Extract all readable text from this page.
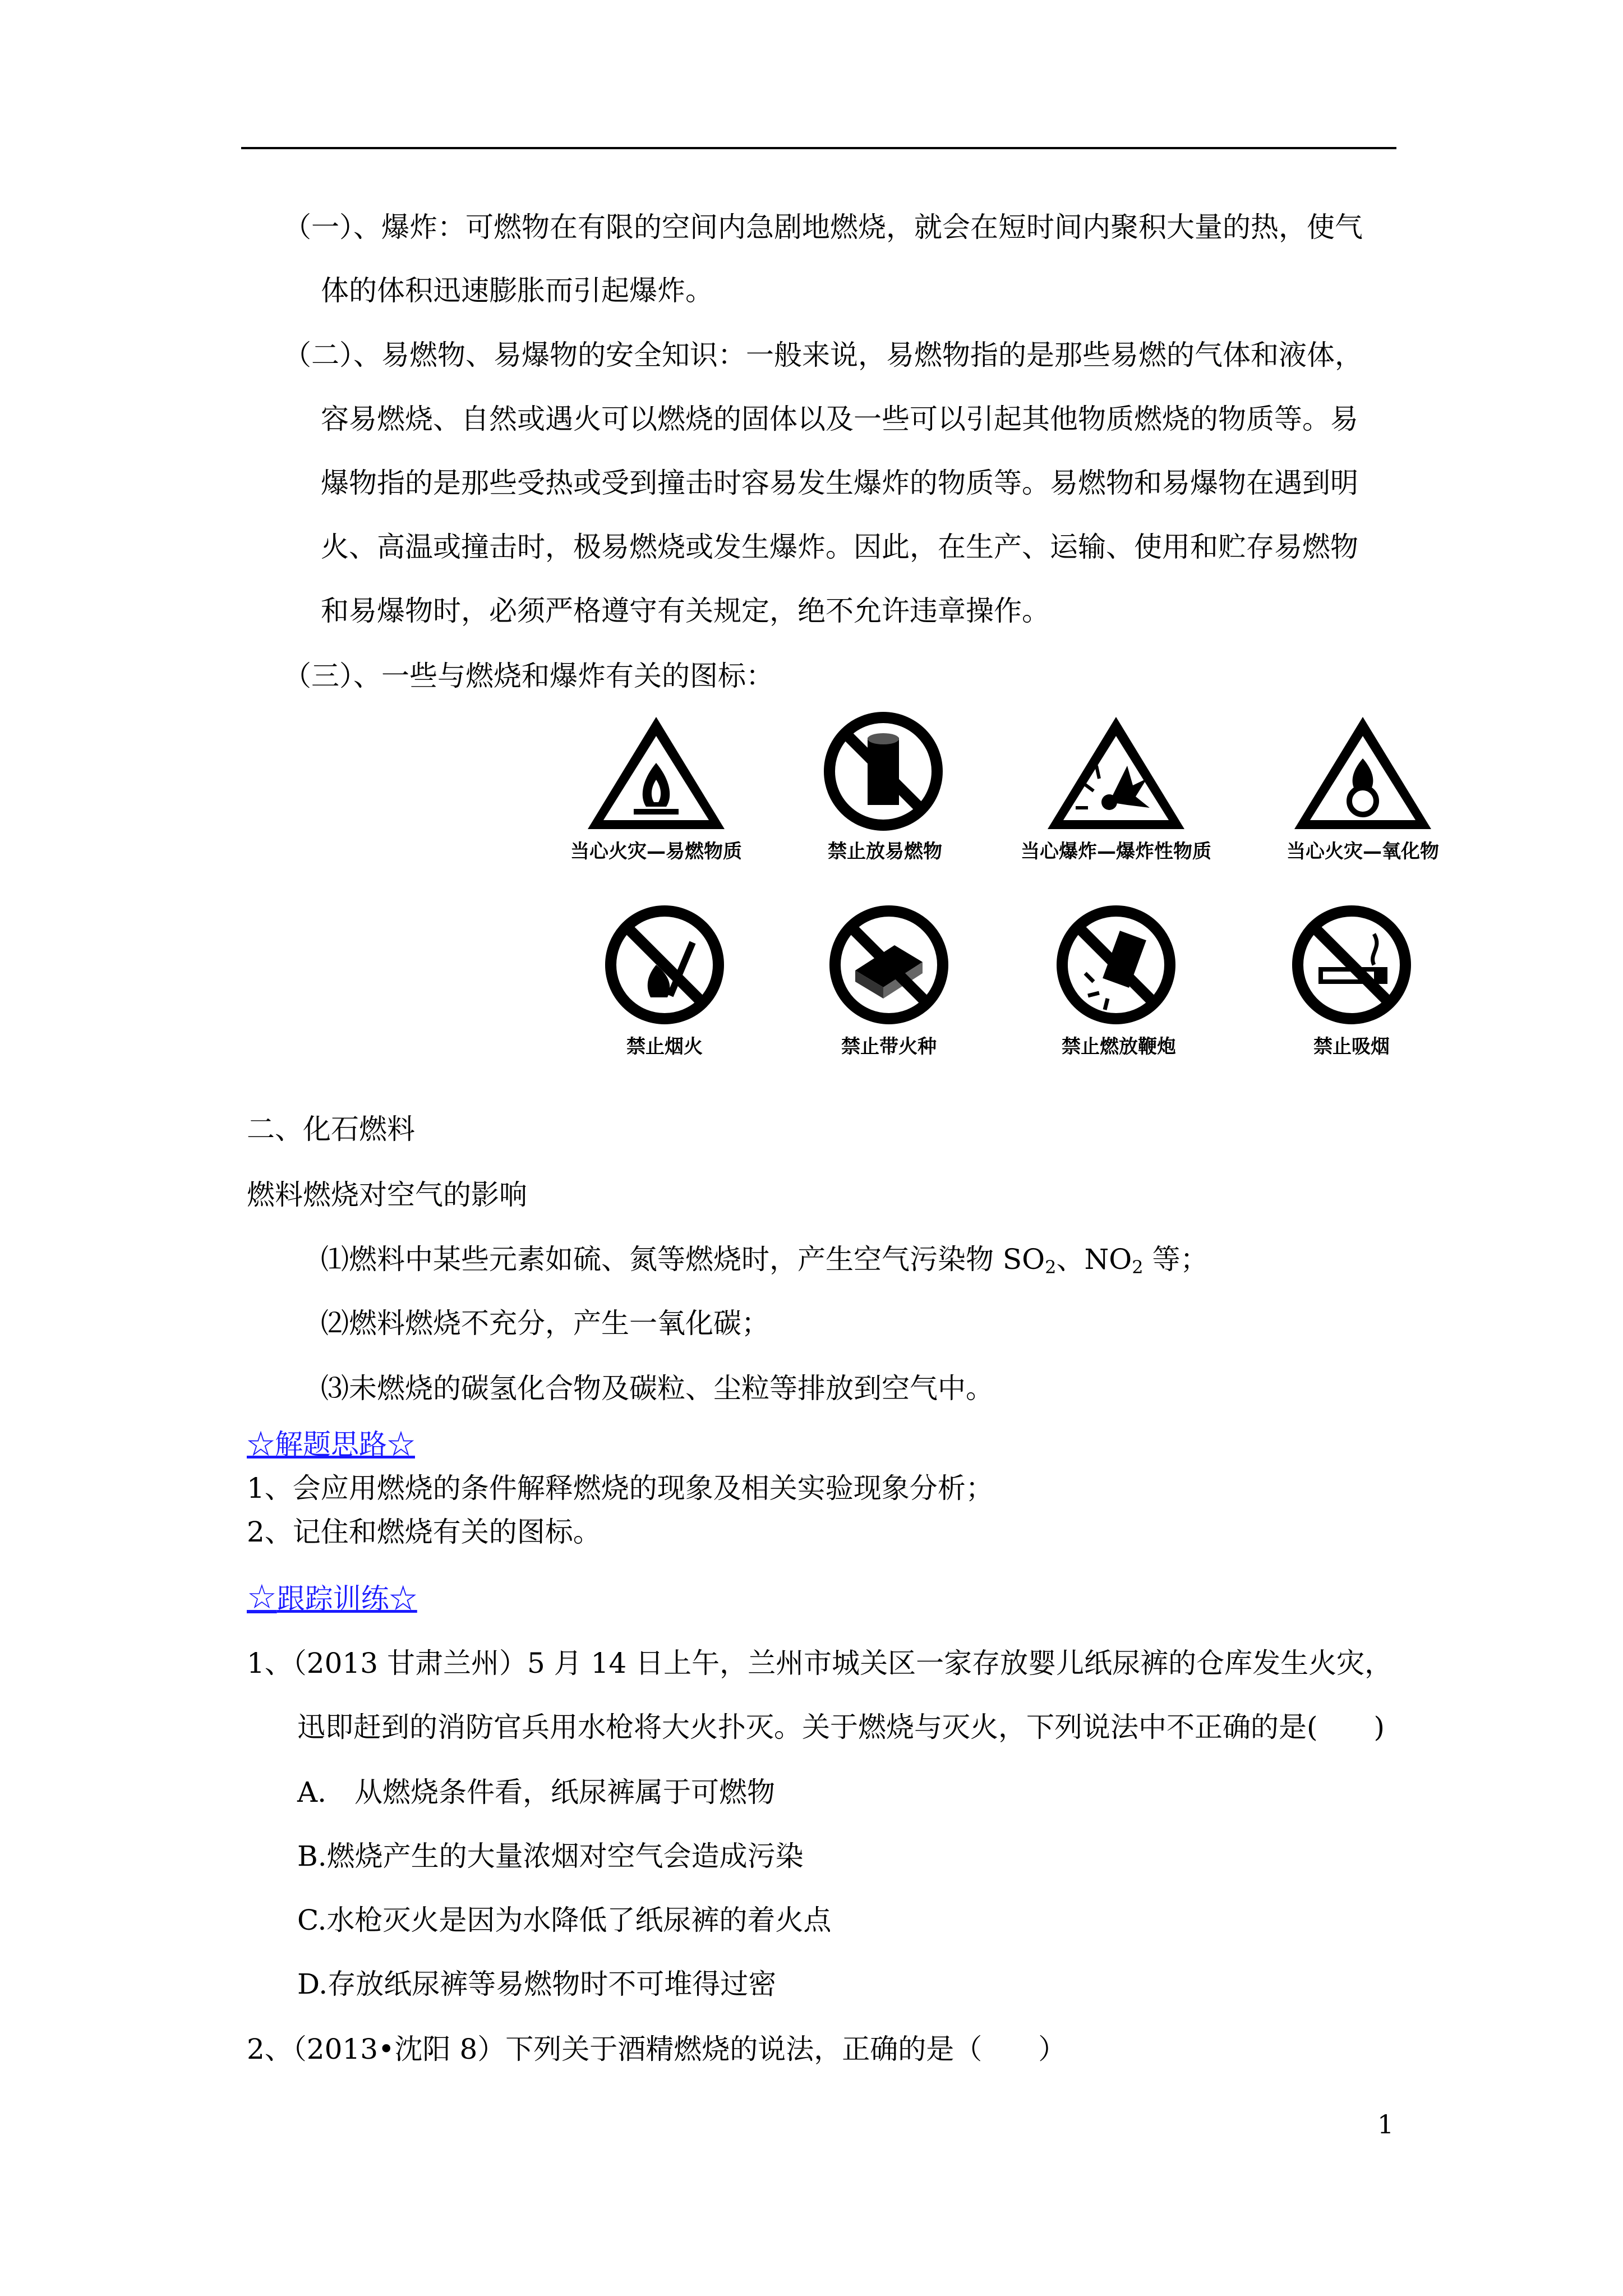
（一）、爆炸：可燃物在有限的空间内急剧地燃烧，就会在短时间内聚积大量的热，使气
体的体积迅速膨胀而引起爆炸。
（二）、易燃物、易爆物的安全知识：一般来说，易燃物指的是那些易燃的气体和液体，
容易燃烧、自然或遇火可以燃烧的固体以及一些可以引起其他物质燃烧的物质等。易
爆物指的是那些受热或受到撞击时容易发生爆炸的物质等。易燃物和易爆物在遇到明
火、高温或撞击时，极易燃烧或发生爆炸。因此，在生产、运输、使用和贮存易燃物
和易爆物时，必须严格遵守有关规定，绝不允许违章操作。
（三）、一些与燃烧和爆炸有关的图标：
当心火灾—易燃物质	禁止放易燃物	当心爆炸—爆炸性物质	当心火灾—氧化物
禁止烟火	禁止带火种	禁止燃放鞭炮	禁止吸烟
二、化石燃料
燃料燃烧对空气的影响
⑴燃料中某些元素如硫、氮等燃烧时，产生空气污染物 $SO_2$、$NO_2$ 等；
⑵燃料燃烧不充分，产生一氧化碳；
⑶未燃烧的碳氢化合物及碳粒、尘粒等排放到空气中。
☆解题思路☆
1、会应用燃烧的条件解释燃烧的现象及相关实验现象分析；
2、记住和燃烧有关的图标。
☆跟踪训练☆
1、（2013 甘肃兰州）5 月 14 日上午，兰州市城关区一家存放婴儿纸尿裤的仓库发生火灾，
迅即赶到的消防官兵用水枪将大火扑灭。关于燃烧与灭火，下列说法中不正确的是(　　)
A.　从燃烧条件看，纸尿裤属于可燃物
B.燃烧产生的大量浓烟对空气会造成污染
C.水枪灭火是因为水降低了纸尿裤的着火点
D.存放纸尿裤等易燃物时不可堆得过密
2、（2013•沈阳 8）下列关于酒精燃烧的说法，正确的是（　　）
1
